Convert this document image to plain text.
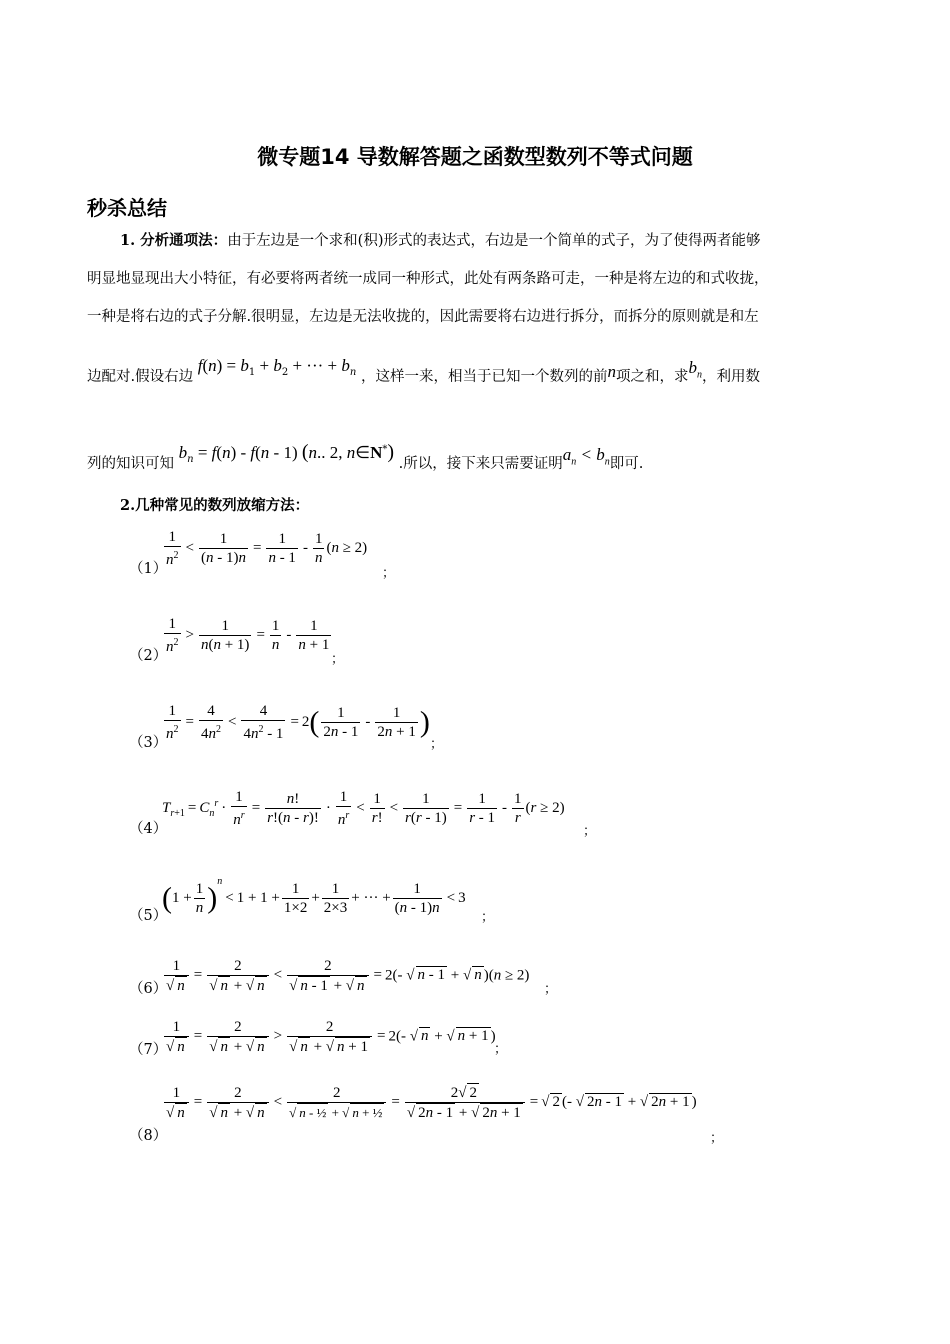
微专题14 导数解答题之函数型数列不等式问题
秒杀总结
1. 分析通项法：由于左边是一个求和(积)形式的表达式，右边是一个简单的式子，为了使得两者能够
明显地显现出大小特征，有必要将两者统一成同一种形式，此处有两条路可走，一种是将左边的和式收拢，
一种是将右边的式子分解.很明显，左边是无法收拢的，因此需要将右边进行拆分，而拆分的原则就是和左
边配对.假设右边 $f(n) = b_1 + b_2$ + ··· + $b_n$ ，这样一来，相当于已知一个数列的前n项之和，求$b_n$，利用数
列的知识可知 $b_n = f(n) - f(n - 1)$ (n.. 2, n∈N*) .所以，接下来只需要证明$a_n < b_n$即可.
2.几种常见的数列放缩方法：
（1）
$\frac{1}{n^2} < \frac{1}{(n - 1)n} = \frac{1}{n - 1} - \frac{1}{n} (n \ge 2)$
；
（2）
$\frac{1}{n^2} > \frac{1}{n(n + 1)} = \frac{1}{n} - \frac{1}{n + 1}$
；
（3）
$\frac{1}{n^2} = \frac{4}{4n^2} < \frac{4}{4n^2 - 1} = 2( \frac{1}{2n - 1} - \frac{1}{2n + 1}$ )
；
（4）
$T_{r+1} = C_n^r \cdot \frac{1}{n^r} = \frac{n!}{r!(n - r)!} \cdot \frac{1}{n^r} < \frac{1}{r!} < \frac{1}{r(r - 1)} = \frac{1}{r - 1} - \frac{1}{r} (r \ge 2)$
；
（5）
$(1 + \frac{1}{n} )^n< 1 + 1 + \frac{1}{1\times 2} + \frac{1}{2\times 3}$ + ··· + $\frac{1}{(n - 1)n} < 3$
；
（6）
$\frac{1}{√ n} = \frac{2}{√ n + √ n} < \frac{2}{√ n - 1 + √ n} = 2(-$ √ n - 1 + √ n )(n ≥ 2)
；
（7）
$\frac{1}{√ n} = \frac{2}{√ n + √ n} > \frac{2}{√ n + √ n + 1} = 2(-$ √ n + √ n + 1 )
；
（8）
$\frac{1}{√ n} = \frac{2}{√ n + √ n} < \frac{2}{\text{√ n - ½ + √ n + ½}} = \frac{2√ 2}{√ 2n - 1 + √ 2n + 1}$ = √ 2 (- √ 2n - 1 + √ 2n + 1 )
；
